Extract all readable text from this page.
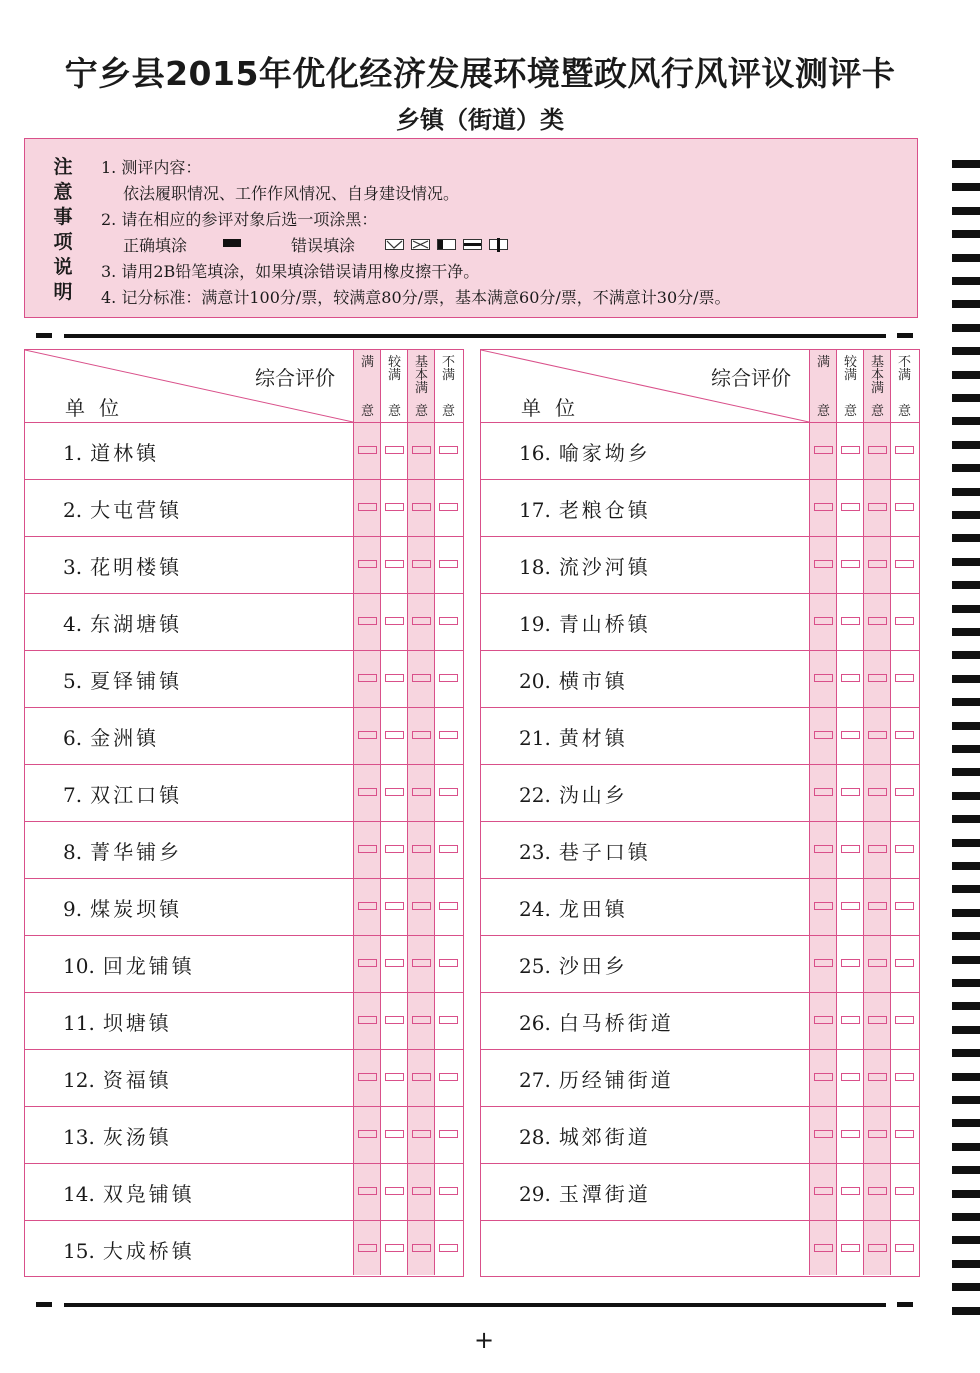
宁乡县2015年优化经济发展环境暨政风行风评议测评卡
乡镇（街道）类
注
意
事
项
说
明
1. 测评内容：
依法履职情况、工作作风情况、自身建设情况。
2. 请在相应的参评对象后选一项涂黑：
正确填涂	错误填涂
3. 请用2B铅笔填涂，如果填涂错误请用橡皮擦干净。
4. 记分标准：满意计100分/票，较满意80分/票，基本满意60分/票，不满意计30分/票。
综合评价
单位
满
意
较满
意
基本满
意
不满
意
1. 道林镇
2. 大屯营镇
3. 花明楼镇
4. 东湖塘镇
5. 夏铎铺镇
6. 金洲镇
7. 双江口镇
8. 菁华铺乡
9. 煤炭坝镇
10. 回龙铺镇
11. 坝塘镇
12. 资福镇
13. 灰汤镇
14. 双凫铺镇
15. 大成桥镇
综合评价
单位
满
意
较满
意
基本满
意
不满
意
16. 喻家坳乡
17. 老粮仓镇
18. 流沙河镇
19. 青山桥镇
20. 横市镇
21. 黄材镇
22. 沩山乡
23. 巷子口镇
24. 龙田镇
25. 沙田乡
26. 白马桥街道
27. 历经铺街道
28. 城郊街道
29. 玉潭街道
+
